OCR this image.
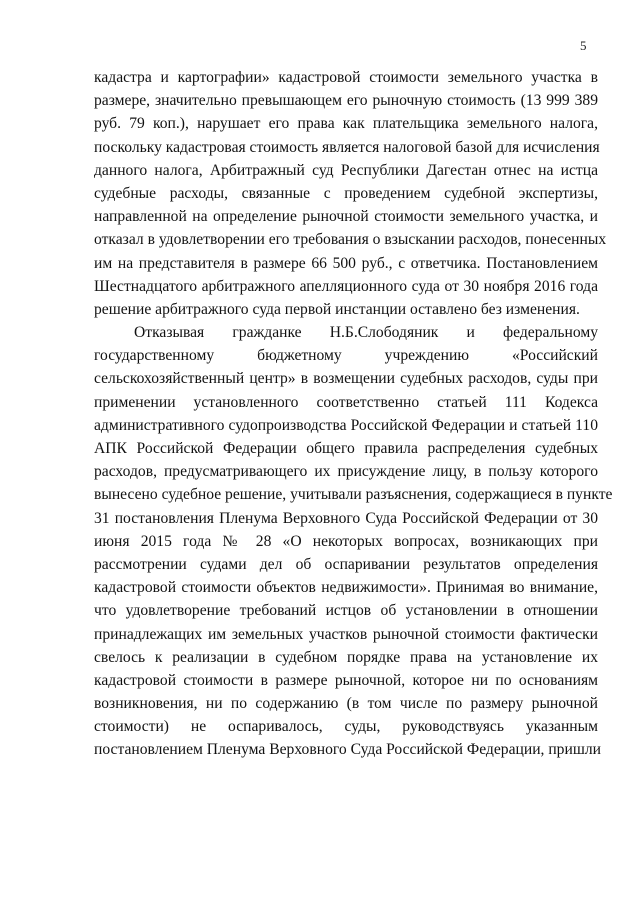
5
кадастра и картографии» кадастровой стоимости земельного участка в
размере, значительно превышающем его рыночную стоимость (13 999 389
руб. 79 коп.), нарушает его права как плательщика земельного налога,
поскольку кадастровая стоимость является налоговой базой для исчисления
данного налога, Арбитражный суд Республики Дагестан отнес на истца
судебные расходы, связанные с проведением судебной экспертизы,
направленной на определение рыночной стоимости земельного участка, и
отказал в удовлетворении его требования о взыскании расходов, понесенных
им на представителя в размере 66 500 руб., с ответчика. Постановлением
Шестнадцатого арбитражного апелляционного суда от 30 ноября 2016 года
решение арбитражного суда первой инстанции оставлено без изменения.
Отказывая гражданке Н.Б.Слободяник и федеральному
государственному бюджетному учреждению «Российский
сельскохозяйственный центр» в возмещении судебных расходов, суды при
применении установленного соответственно статьей 111 Кодекса
административного судопроизводства Российской Федерации и статьей 110
АПК Российской Федерации общего правила распределения судебных
расходов, предусматривающего их присуждение лицу, в пользу которого
вынесено судебное решение, учитывали разъяснения, содержащиеся в пункте
31 постановления Пленума Верховного Суда Российской Федерации от 30
июня 2015 года № 28 «О некоторых вопросах, возникающих при
рассмотрении судами дел об оспаривании результатов определения
кадастровой стоимости объектов недвижимости». Принимая во внимание,
что удовлетворение требований истцов об установлении в отношении
принадлежащих им земельных участков рыночной стоимости фактически
свелось к реализации в судебном порядке права на установление их
кадастровой стоимости в размере рыночной, которое ни по основаниям
возникновения, ни по содержанию (в том числе по размеру рыночной
стоимости) не оспаривалось, суды, руководствуясь указанным
постановлением Пленума Верховного Суда Российской Федерации, пришли
